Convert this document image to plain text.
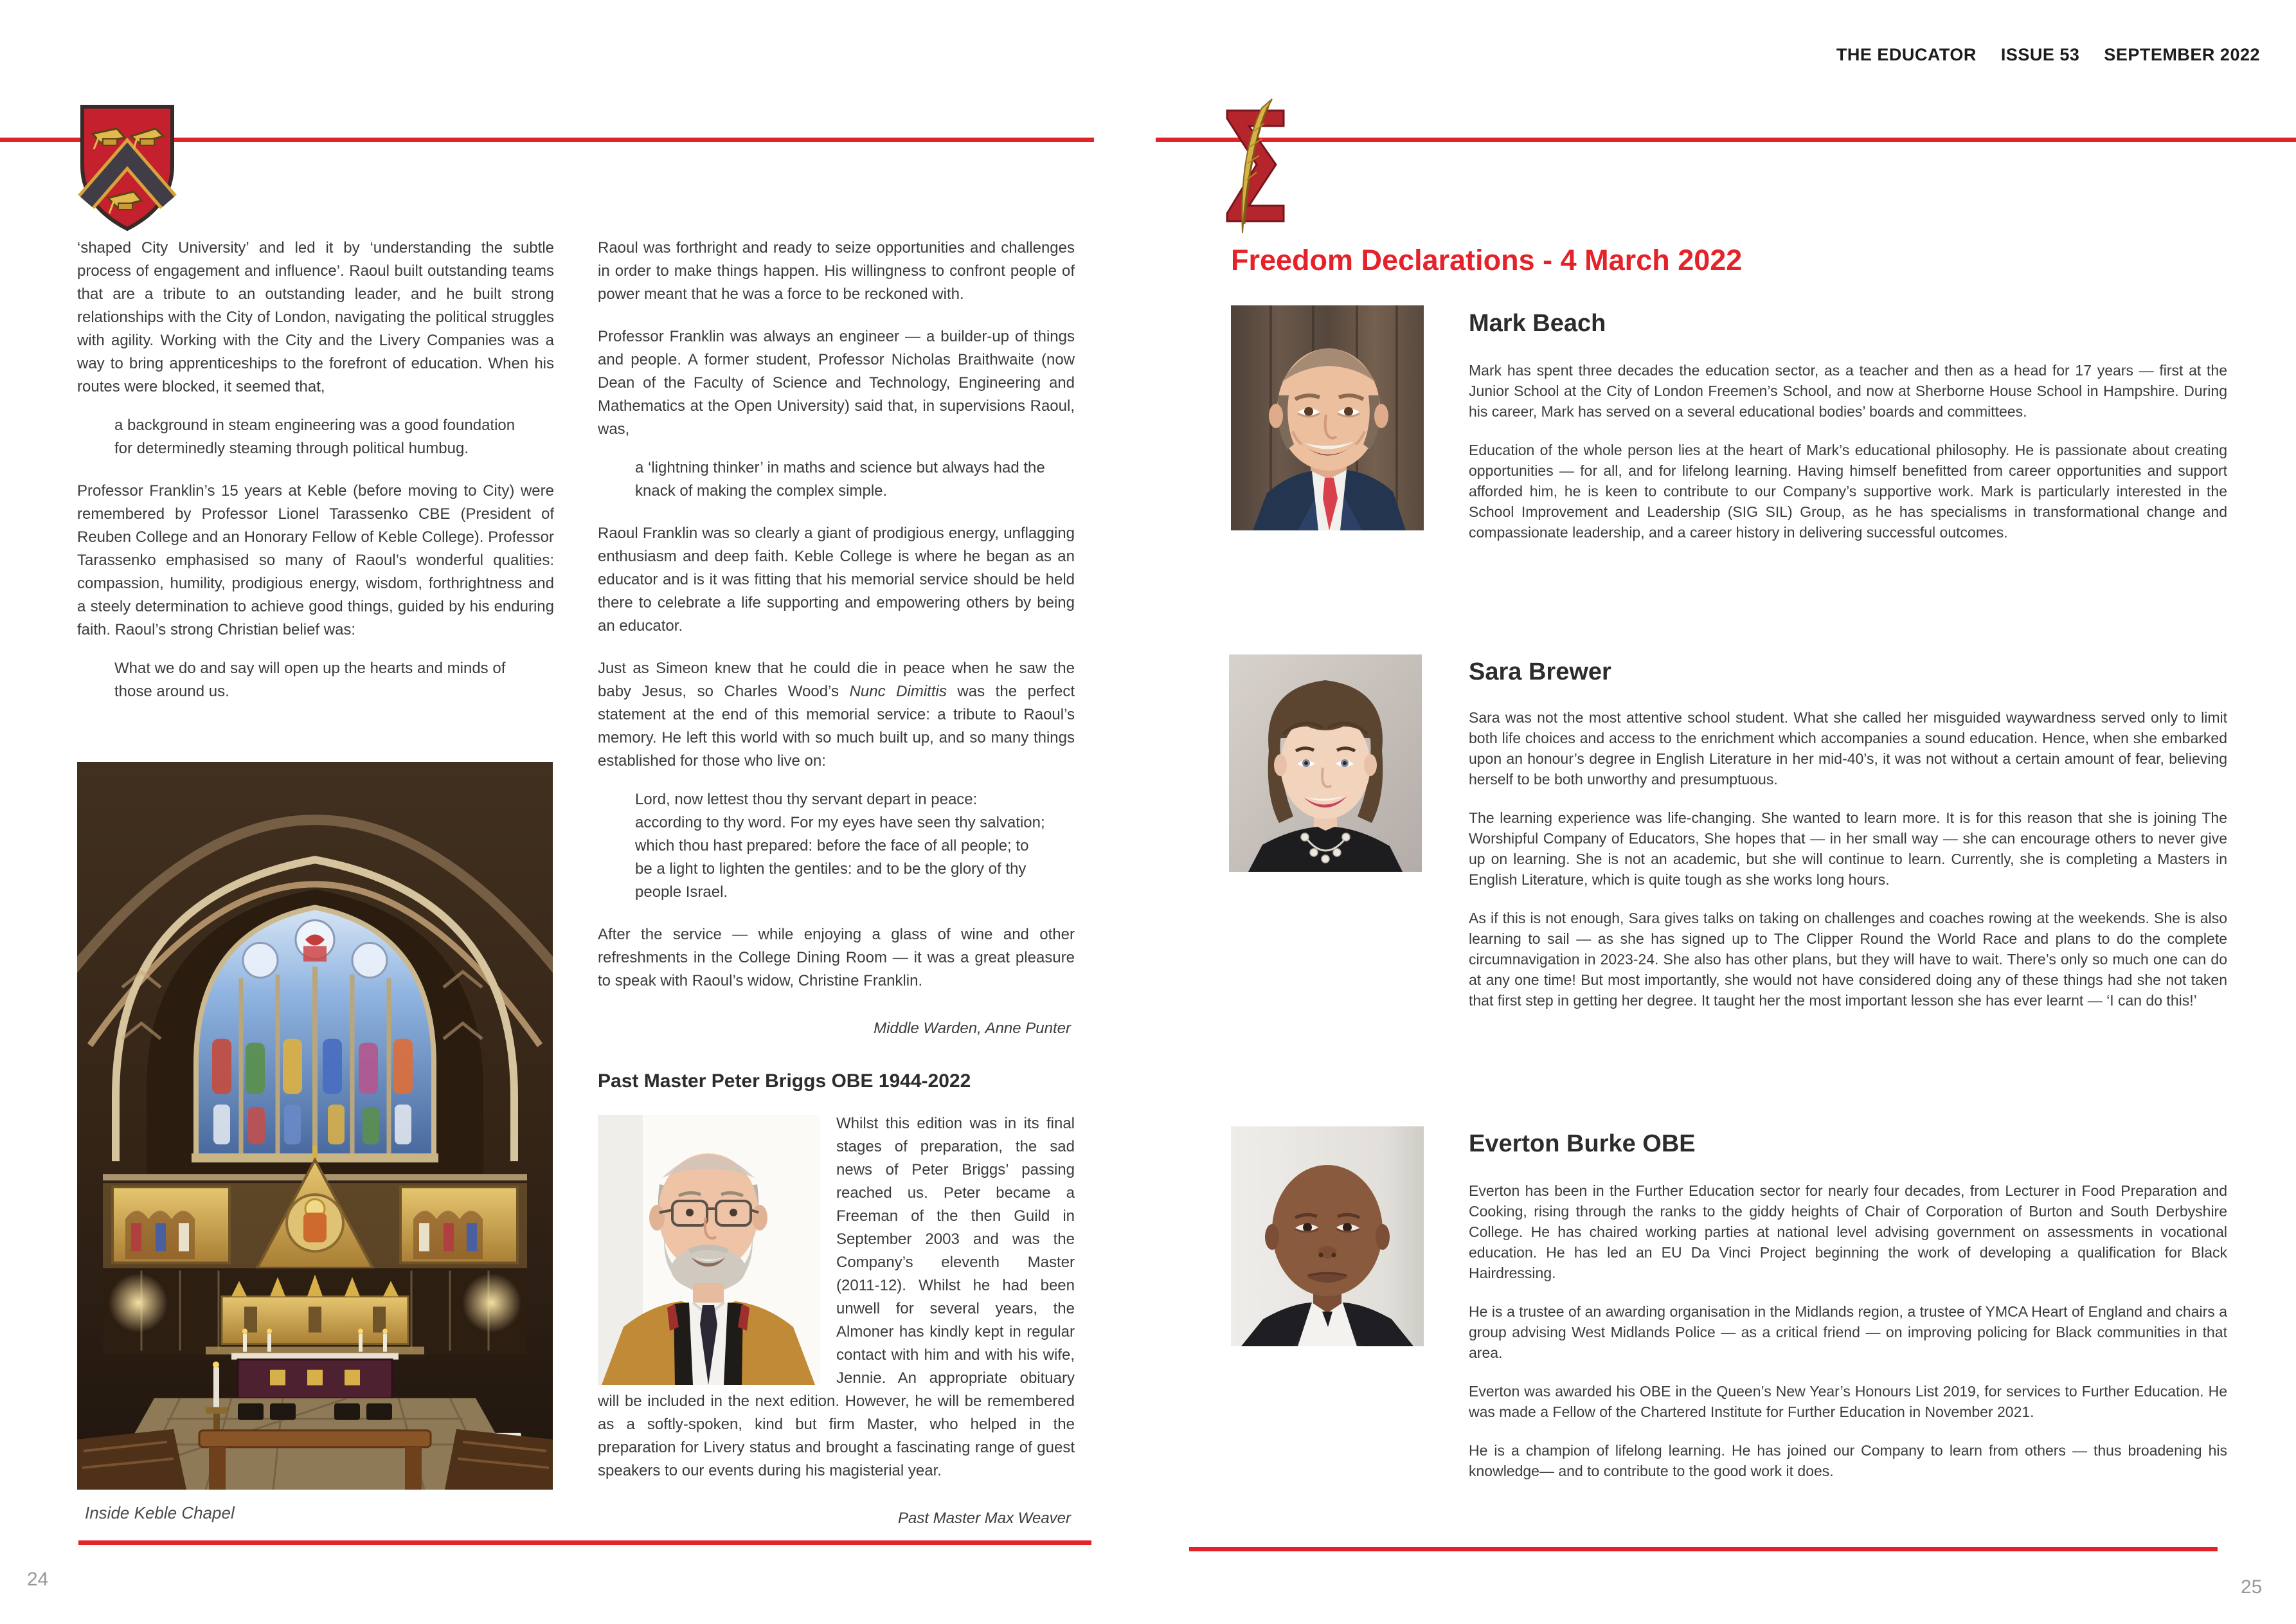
THE EDUCATOR ISSUE 53 SEPTEMBER 2022

‘shaped City University’ and led it by ‘understanding the subtle process of engagement and influence’. Raoul built outstanding teams that are a tribute to an outstanding leader, and he built strong relationships with the City of London, navigating the political struggles with agility. Working with the City and the Livery Companies was a way to bring apprenticeships to the forefront of education. When his routes were blocked, it seemed that,

a background in steam engineering was a good foundation for determinedly steaming through political humbug.

Professor Franklin’s 15 years at Keble (before moving to City) were remembered by Professor Lionel Tarassenko CBE (President of Reuben College and an Honorary Fellow of Keble College). Professor Tarassenko emphasised so many of Raoul’s wonderful qualities: compassion, humility, prodigious energy, wisdom, forthrightness and a steely determination to achieve good things, guided by his enduring faith. Raoul’s strong Christian belief was:

What we do and say will open up the hearts and minds of those around us.

Inside Keble Chapel

Raoul was forthright and ready to seize opportunities and challenges in order to make things happen. His willingness to confront people of power meant that he was a force to be reckoned with.

Professor Franklin was always an engineer — a builder-up of things and people. A former student, Professor Nicholas Braithwaite (now Dean of the Faculty of Science and Technology, Engineering and Mathematics at the Open University) said that, in supervisions Raoul, was,

a ‘lightning thinker’ in maths and science but always had the knack of making the complex simple.

Raoul Franklin was so clearly a giant of prodigious energy, unflagging enthusiasm and deep faith. Keble College is where he began as an educator and is it was fitting that his memorial service should be held there to celebrate a life supporting and empowering others by being an educator.

Just as Simeon knew that he could die in peace when he saw the baby Jesus, so Charles Wood’s Nunc Dimittis was the perfect statement at the end of this memorial service: a tribute to Raoul’s memory. He left this world with so much built up, and so many things established for those who live on:

Lord, now lettest thou thy servant depart in peace: according to thy word. For my eyes have seen thy salvation; which thou hast prepared: before the face of all people; to be a light to lighten the gentiles: and to be the glory of thy people Israel.

After the service — while enjoying a glass of wine and other refreshments in the College Dining Room — it was a great pleasure to speak with Raoul’s widow, Christine Franklin.

Middle Warden, Anne Punter

Past Master Peter Briggs OBE 1944-2022

Whilst this edition was in its final stages of preparation, the sad news of Peter Briggs’ passing reached us. Peter became a Freeman of the then Guild in September 2003 and was the Company’s eleventh Master (2011-12). Whilst he had been unwell for several years, the Almoner has kindly kept in regular contact with him and with his wife, Jennie. An appropriate obituary will be included in the next edition. However, he will be remembered as a softly-spoken, kind but firm Master, who helped in the preparation for Livery status and brought a fascinating range of guest speakers to our events during his magisterial year.

Past Master Max Weaver

Freedom Declarations - 4 March 2022
Mark Beach

Mark has spent three decades the education sector, as a teacher and then as a head for 17 years — first at the Junior School at the City of London Freemen’s School, and now at Sherborne House School in Hampshire. During his career, Mark has served on a several educational bodies’ boards and committees.

Education of the whole person lies at the heart of Mark’s educational philosophy. He is passionate about creating opportunities — for all, and for lifelong learning. Having himself benefitted from career opportunities and support afforded him, he is keen to contribute to our Company’s supportive work. Mark is particularly interested in the School Improvement and Leadership (SIG SIL) Group, as he has specialisms in transformational change and compassionate leadership, and a career history in delivering successful outcomes.

Sara Brewer

Sara was not the most attentive school student. What she called her misguided waywardness served only to limit both life choices and access to the enrichment which accompanies a sound education. Hence, when she embarked upon an honour’s degree in English Literature in her mid-40’s, it was not without a certain amount of fear, believing herself to be both unworthy and presumptuous.

The learning experience was life-changing. She wanted to learn more. It is for this reason that she is joining The Worshipful Company of Educators, She hopes that — in her small way — she can encourage others to never give up on learning. She is not an academic, but she will continue to learn. Currently, she is completing a Masters in English Literature, which is quite tough as she works long hours.

As if this is not enough, Sara gives talks on taking on challenges and coaches rowing at the weekends. She is also learning to sail — as she has signed up to The Clipper Round the World Race and plans to do the complete circumnavigation in 2023-24. She also has other plans, but they will have to wait. There’s only so much one can do at any one time! But most importantly, she would not have considered doing any of these things had she not taken that first step in getting her degree. It taught her the most important lesson she has ever learnt — ‘I can do this!’

Everton Burke OBE

Everton has been in the Further Education sector for nearly four decades, from Lecturer in Food Preparation and Cooking, rising through the ranks to the giddy heights of Chair of Corporation of Burton and South Derbyshire College. He has chaired working parties at national level advising government on assessments in vocational education. He has led an EU Da Vinci Project beginning the work of developing a qualification for Black Hairdressing.

He is a trustee of an awarding organisation in the Midlands region, a trustee of YMCA Heart of England and chairs a group advising West Midlands Police — as a critical friend — on improving policing for Black communities in that area.

Everton was awarded his OBE in the Queen’s New Year’s Honours List 2019, for services to Further Education. He was made a Fellow of the Chartered Institute for Further Education in November 2021.

He is a champion of lifelong learning. He has joined our Company to learn from others — thus broadening his knowledge— and to contribute to the good work it does.

24	25
